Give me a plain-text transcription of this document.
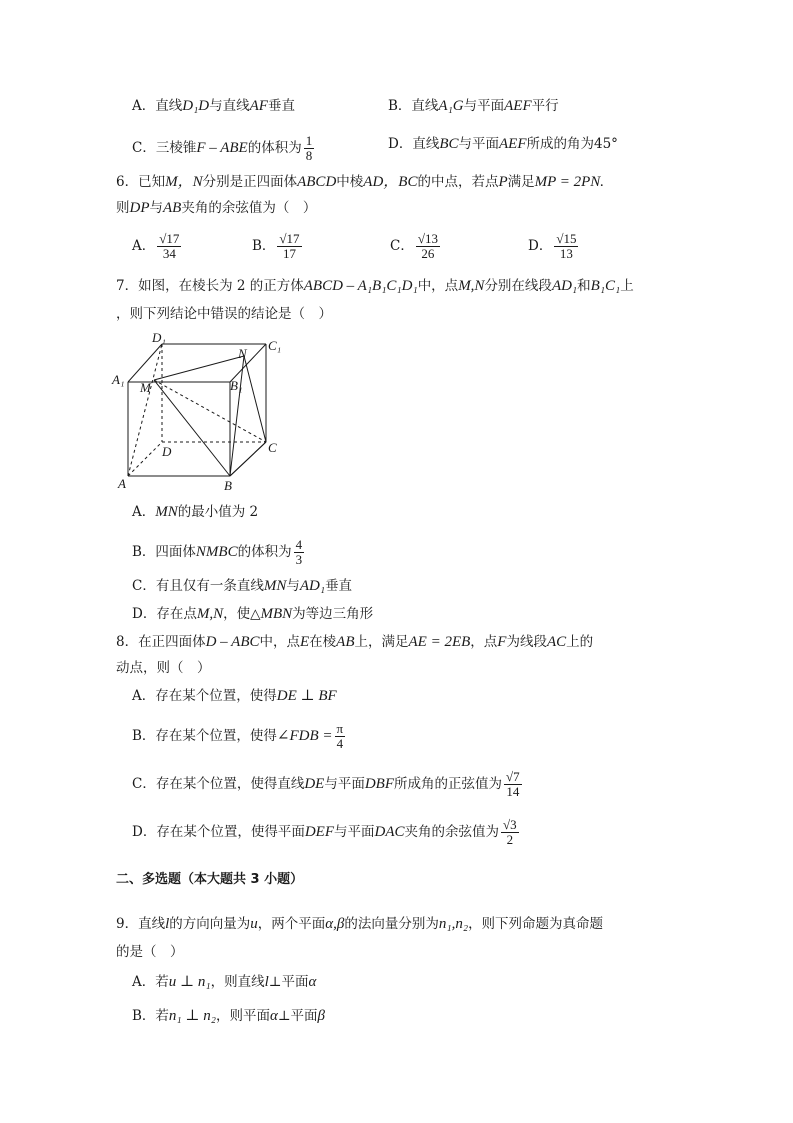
A．直线D₁D与直线AF垂直	B．直线A₁G与平面AEF平行
C．三棱锥F – ABE的体积为 $\frac{1}{8}$	D．直线BC与平面AEF所成的角为45°
6．已知M，N分别是正四面体ABCD中棱AD，BC的中点，若点P满足MP = 2PN.
则DP与AB夹角的余弦值为（　）
A． $\frac{√17}{34}$	B． $\frac{√17}{17}$	C． $\frac{√13}{26}$	D． $\frac{√15}{13}$
7．如图，在棱长为 2 的正方体ABCD – A₁B₁C₁D₁中，点M,N分别在线段AD₁和B₁C₁上
，则下列结论中错误的结论是（　）
D₁
C₁
A₁	B₁
M
N
D	C
A	B
A．MN的最小值为 2
B．四面体NMBC的体积为 $\frac{4}{3}$
C．有且仅有一条直线MN与AD₁垂直
D．存在点M,N，使△MBN为等边三角形
8．在正四面体D – ABC中，点E在棱AB上，满足AE = 2EB，点F为线段AC上的
动点，则（　）
A．存在某个位置，使得DE ⊥ BF
B．存在某个位置，使得∠FDB = $\frac{\pi}{4}$
C．存在某个位置，使得直线DE与平面DBF所成角的正弦值为 $\frac{√7}{14}$
D．存在某个位置，使得平面DEF与平面DAC夹角的余弦值为 $\frac{√3}{2}$
二、多选题（本大题共 3 小题）
9．直线l的方向向量为u，两个平面α,β的法向量分别为n₁,n₂，则下列命题为真命题
的是（　）
A．若u ⊥ n₁，则直线l⊥平面α
B．若n₁ ⊥ n₂，则平面α⊥平面β
